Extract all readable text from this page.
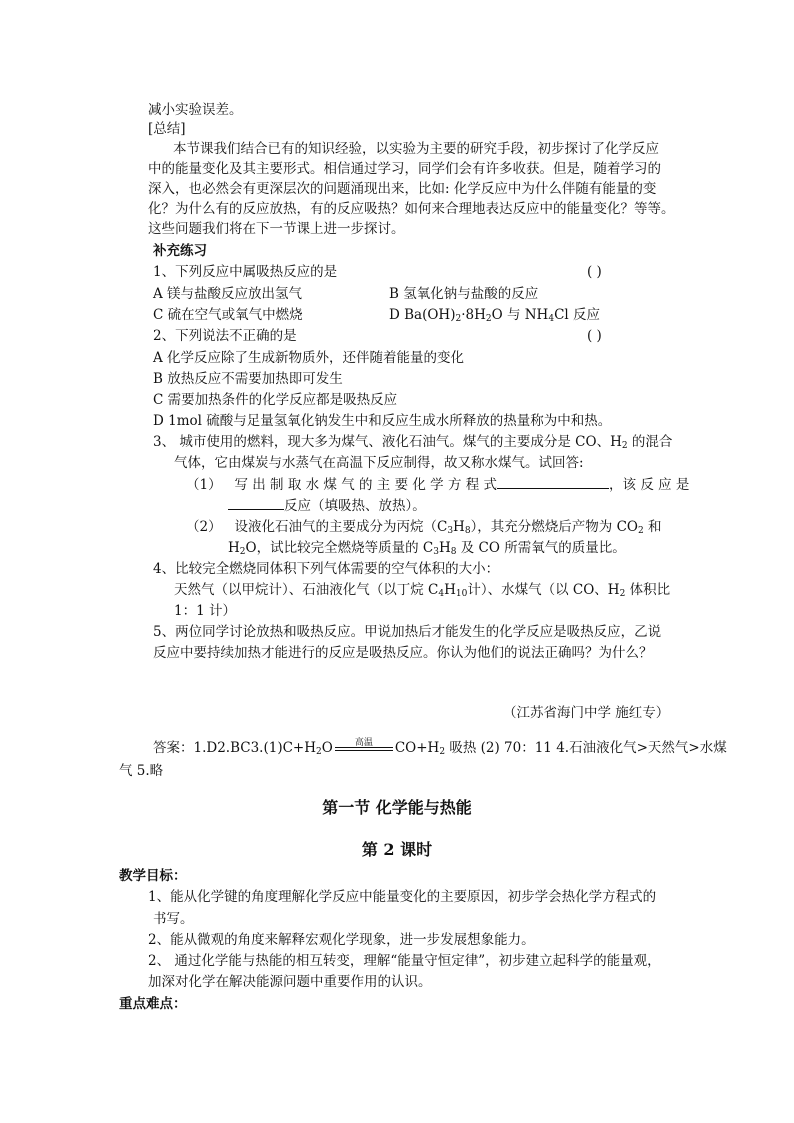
减小实验误差。
[总结]
本节课我们结合已有的知识经验，以实验为主要的研究手段，初步探讨了化学反应
中的能量变化及其主要形式。相信通过学习，同学们会有许多收获。但是，随着学习的
深入，也必然会有更深层次的问题涌现出来，比如: 化学反应中为什么伴随有能量的变
化？为什么有的反应放热，有的反应吸热？如何来合理地表达反应中的能量变化？等等。
这些问题我们将在下一节课上进一步探讨。
补充练习
1、下列反应中属吸热反应的是	( )
A 镁与盐酸反应放出氢气	B 氢氧化钠与盐酸的反应
C 硫在空气或氧气中燃烧	D $Ba(OH)_2\cdot 8H_2O$ 与 $NH_4Cl$ 反应
2、下列说法不正确的是	( )
A 化学反应除了生成新物质外，还伴随着能量的变化
B 放热反应不需要加热即可发生
C 需要加热条件的化学反应都是吸热反应
D 1mol 硫酸与足量氢氧化钠发生中和反应生成水所释放的热量称为中和热。
3、 城市使用的燃料，现大多为煤气、液化石油气。煤气的主要成分是 CO、$H_2$ 的混合
气体，它由煤炭与水蒸气在高温下反应制得，故又称水煤气。试回答:
（1） 写 出 制 取 水 煤 气 的 主 要 化 学 方 程 式	，该 反 应 是
反应（填吸热、放热）。
（2） 设液化石油气的主要成分为丙烷$(C_3H_8)$，其充分燃烧后产物为 $CO_2$ 和
$H_2O$，试比较完全燃烧等质量的 $C_3H_8$ 及 CO 所需氧气的质量比。
4、比较完全燃烧同体积下列气体需要的空气体积的大小：
天然气（以甲烷计）、石油液化气（以丁烷 $C_4H_{10}$计）、水煤气（以 CO、$H_2$ 体积比
1：1 计）
5、两位同学讨论放热和吸热反应。甲说加热后才能发生的化学反应是吸热反应，乙说
反应中要持续加热才能进行的反应是吸热反应。你认为他们的说法正确吗？为什么？
（江苏省海门中学 施红专）
答案：$1.D2.BC3.(1)C+H_2O$	高温	$CO+H_2$ 吸热 (2) 70：11 4.石油液化气>天然气>水煤
气 5.略
第一节 化学能与热能
第 2 课时
教学目标：
1、能从化学键的角度理解化学反应中能量变化的主要原因，初步学会热化学方程式的
书写。
2、能从微观的角度来解释宏观化学现象，进一步发展想象能力。
2、 通过化学能与热能的相互转变，理解“能量守恒定律”，初步建立起科学的能量观，
加深对化学在解决能源问题中重要作用的认识。
重点难点：
